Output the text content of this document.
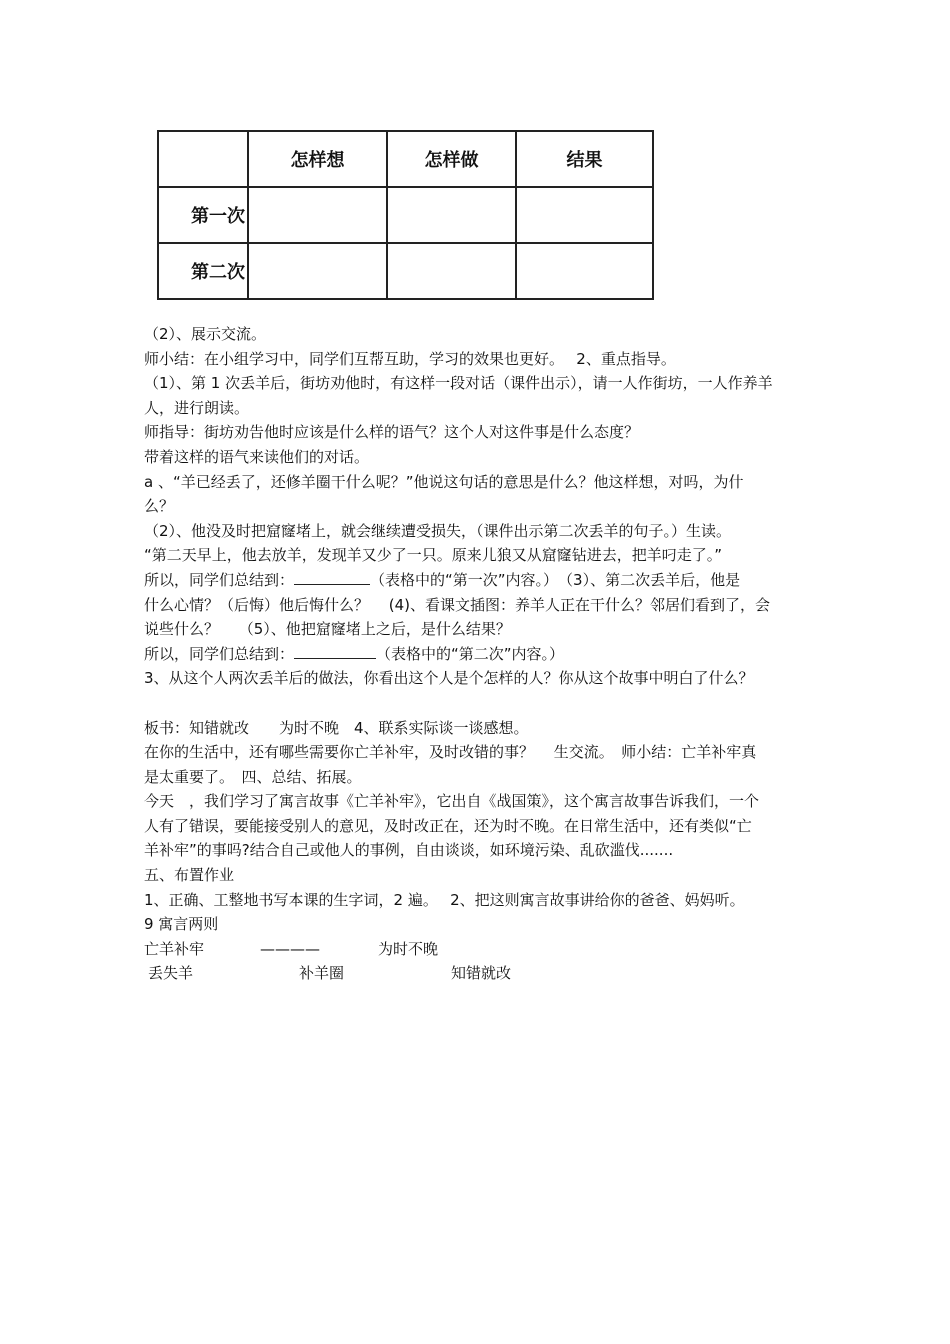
	怎样想	怎样做	结果
第一次			
第二次			

（2）、展示交流。

师小结：在小组学习中，同学们互帮互助，学习的效果也更好。　 2、重点指导。

（1）、第 1 次丢羊后，街坊劝他时，有这样一段对话（课件出示），请一人作街坊，一人作养羊

人，进行朗读。

师指导：街坊劝告他时应该是什么样的语气？这个人对这件事是什么态度？

带着这样的语气来读他们的对话。

a 、“羊已经丢了，还修羊圈干什么呢？”他说这句话的意思是什么？他这样想，对吗，为什

么？

（2）、他没及时把窟窿堵上，就会继续遭受损失，（课件出示第二次丢羊的句子。）生读。

“第二天早上，他去放羊，发现羊又少了一只。原来儿狼又从窟窿钻进去，把羊叼走了。”

所以，同学们总结到：	（表格中的“第一次”内容。）　（3）、第二次丢羊后，他是

什么心情？（后悔）他后悔什么？　 (4)、看课文插图：养羊人正在干什么？邻居们看到了，会

说些什么？　 （5）、他把窟窿堵上之后，是什么结果？

所以，同学们总结到：	（表格中的“第二次”内容。）

3、从这个人两次丢羊后的做法，你看出这个人是个怎样的人？你从这个故事中明白了什么？

板书：知错就改　　为时不晚　4、联系实际谈一谈感想。

在你的生活中，还有哪些需要你亡羊补牢，及时改错的事？　 生交流。　师小结：亡羊补牢真

是太重要了。　四、总结、拓展。

今天　，我们学习了寓言故事《亡羊补牢》，它出自《战国策》，这个寓言故事告诉我们，一个

人有了错误，要能接受别人的意见，及时改正在，还为时不晚。在日常生活中，还有类似“亡

羊补牢”的事吗?结合自己或他人的事例，自由谈谈，如环境污染、乱砍滥伐.......

五、布置作业

1、正确、工整地书写本课的生字词，2 遍。　 2、把这则寓言故事讲给你的爸爸、妈妈听。

9 寓言两则

亡羊补牢	————	为时不晚
丢失羊	补羊圈	知错就改
